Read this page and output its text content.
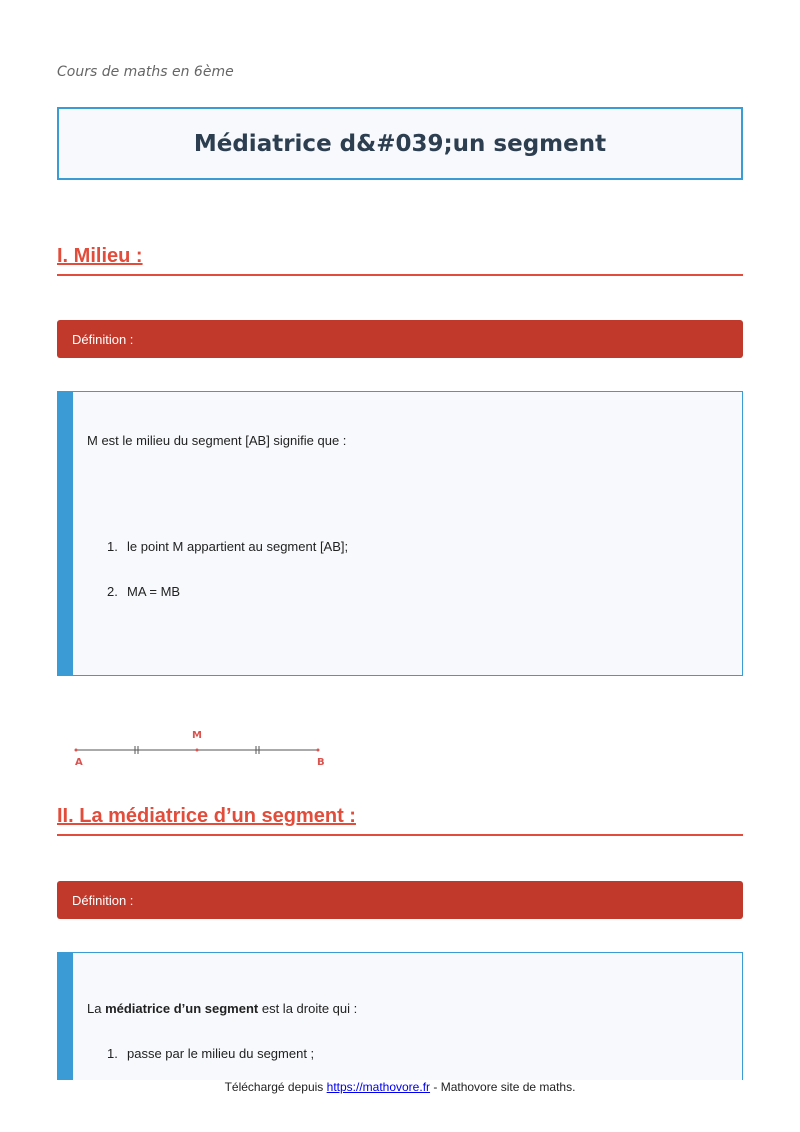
Cours de maths en 6ème
Médiatrice d&#039;un segment
I. Milieu :
Définition :

M est le milieu du segment [AB] signifie que :

1. le point M appartient au segment [AB];
2. MA = MB
A
M
B
II. La médiatrice d’un segment :
Définition :

La médiatrice d’un segment est la droite qui :

1. passe par le milieu du segment ;
Téléchargé depuis https://mathovore.fr - Mathovore site de maths.
